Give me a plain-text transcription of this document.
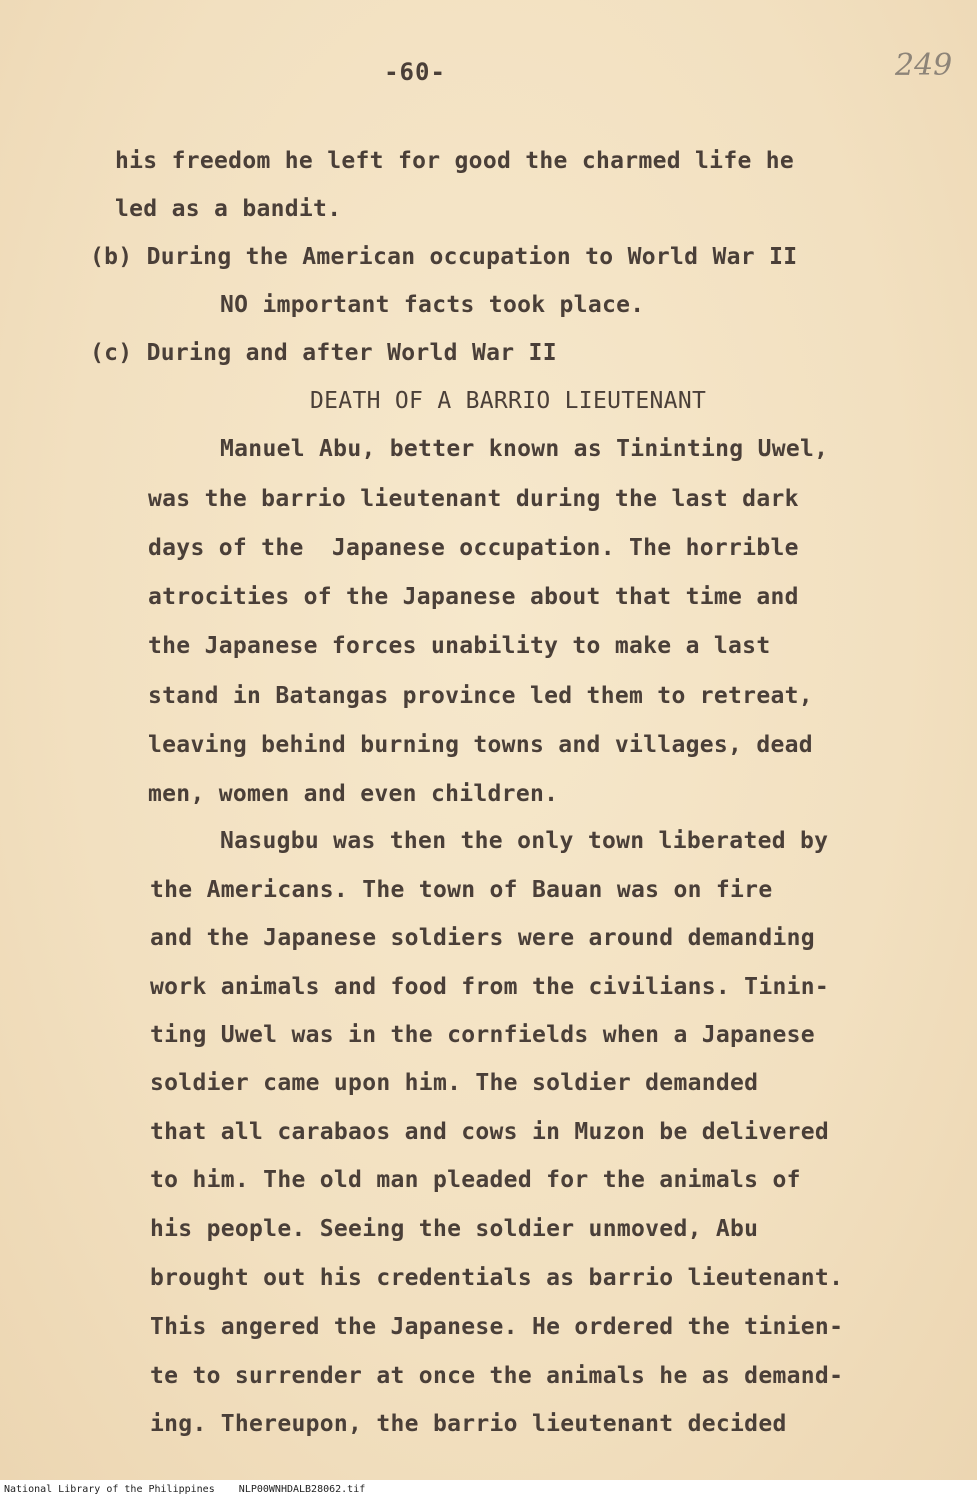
-60-	249
his freedom he left for good the charmed life he
led as a bandit.
(b) During the American occupation to World War II
NO important facts took place.
(c) During and after World War II
DEATH OF A BARRIO LIEUTENANT
Manuel Abu, better known as Tininting Uwel,
was the barrio lieutenant during the last dark
days of the  Japanese occupation. The horrible
atrocities of the Japanese about that time and
the Japanese forces unability to make a last
stand in Batangas province led them to retreat,
leaving behind burning towns and villages, dead
men, women and even children.
Nasugbu was then the only town liberated by
the Americans. The town of Bauan was on fire
and the Japanese soldiers were around demanding
work animals and food from the civilians. Tinin-
ting Uwel was in the cornfields when a Japanese
soldier came upon him. The soldier demanded
that all carabaos and cows in Muzon be delivered
to him. The old man pleaded for the animals of
his people. Seeing the soldier unmoved, Abu
brought out his credentials as barrio lieutenant.
This angered the Japanese. He ordered the tinien-
te to surrender at once the animals he as demand-
ing. Thereupon, the barrio lieutenant decided
National Library of the Philippines    NLP00WNHDALB28062.tif
